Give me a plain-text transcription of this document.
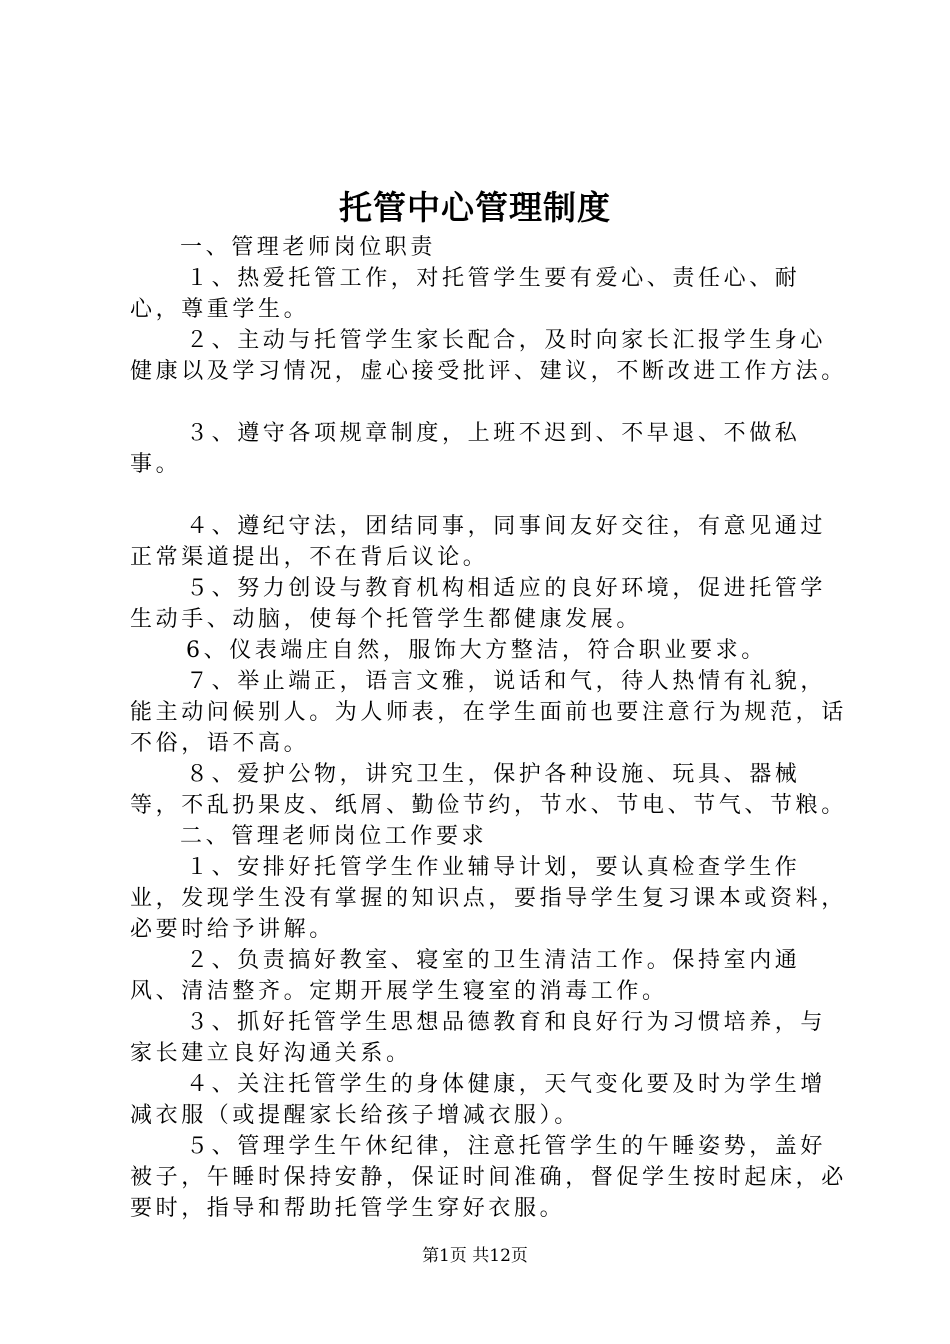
托管中心管理制度

一、管理老师岗位职责

１、热爱托管工作，对托管学生要有爱心、责任心、耐心，尊重学生。

２、主动与托管学生家长配合，及时向家长汇报学生身心健康以及学习情况，虚心接受批评、建议，不断改进工作方法。

３、遵守各项规章制度，上班不迟到、不早退、不做私事。

４、遵纪守法，团结同事，同事间友好交往，有意见通过正常渠道提出，不在背后议论。

５、努力创设与教育机构相适应的良好环境，促进托管学生动手、动脑，使每个托管学生都健康发展。

6、仪表端庄自然，服饰大方整洁，符合职业要求。

７、举止端正，语言文雅，说话和气，待人热情有礼貌，能主动问候别人。为人师表，在学生面前也要注意行为规范，话不俗，语不高。

８、爱护公物，讲究卫生，保护各种设施、玩具、器械等，不乱扔果皮、纸屑、勤俭节约，节水、节电、节气、节粮。

二、管理老师岗位工作要求

１、安排好托管学生作业辅导计划，要认真检查学生作业，发现学生没有掌握的知识点，要指导学生复习课本或资料，必要时给予讲解。

２、负责搞好教室、寝室的卫生清洁工作。保持室内通风、清洁整齐。定期开展学生寝室的消毒工作。

３、抓好托管学生思想品德教育和良好行为习惯培养，与家长建立良好沟通关系。

４、关注托管学生的身体健康，天气变化要及时为学生增减衣服（或提醒家长给孩子增减衣服）。

５、管理学生午休纪律，注意托管学生的午睡姿势，盖好被子，午睡时保持安静，保证时间准确，督促学生按时起床，必要时，指导和帮助托管学生穿好衣服。

第1页 共12页
